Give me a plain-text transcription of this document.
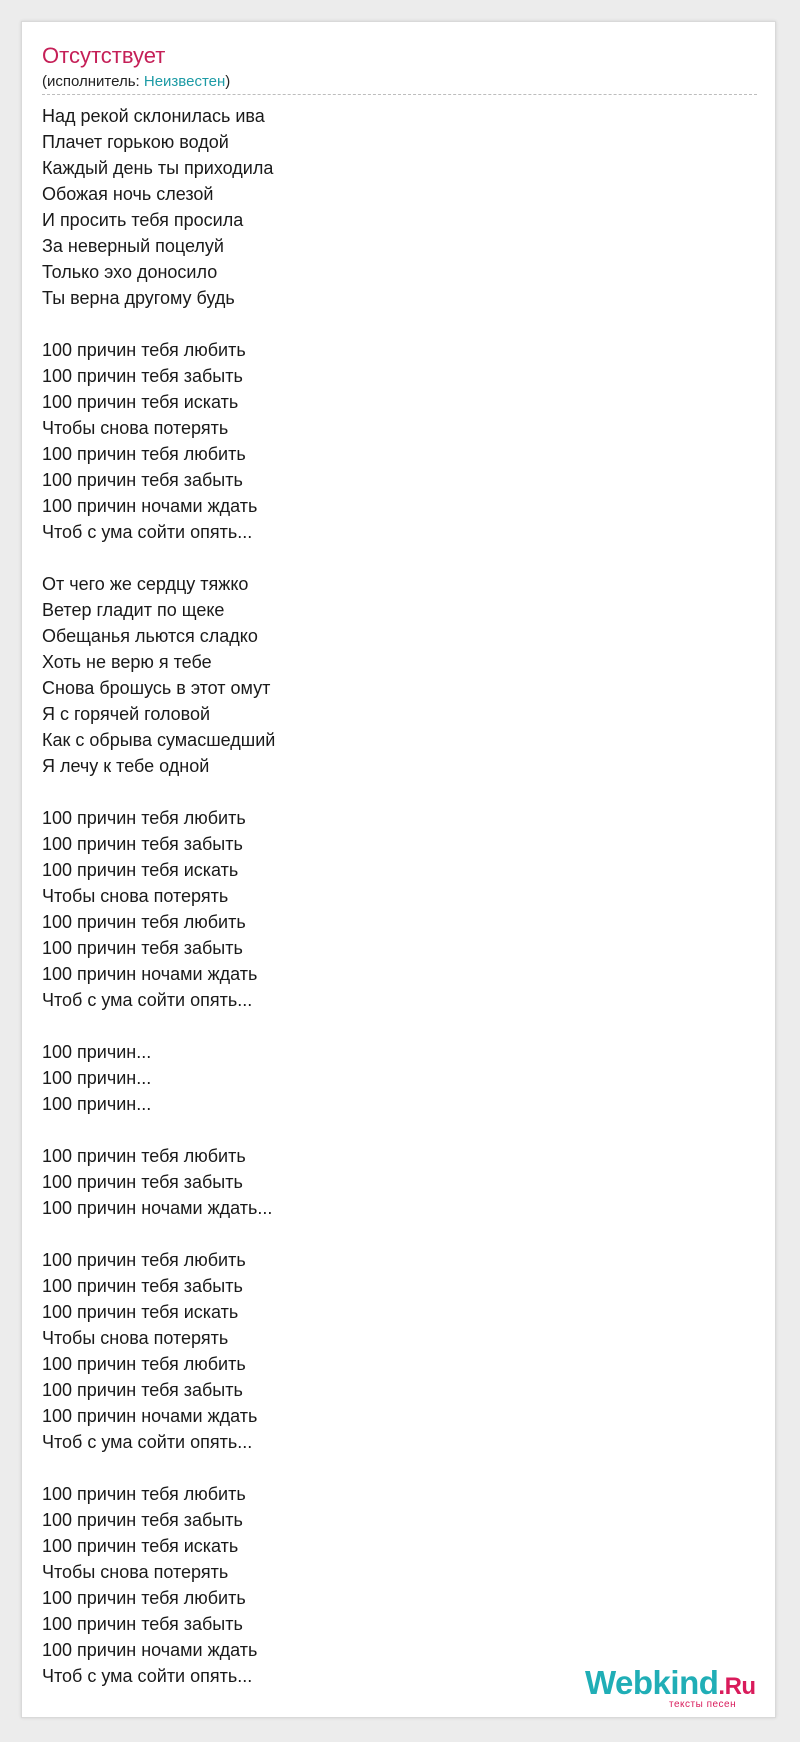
Отсутствует
(исполнитель: Неизвестен)
Над рекой склонилась ива
Плачет горькою водой
Каждый день ты приходила
Обожая ночь слезой
И просить тебя просила
За неверный поцелуй
Только эхо доносило
Ты верна другому будь
100 причин тебя любить
100 причин тебя забыть
100 причин тебя искать
Чтобы снова потерять
100 причин тебя любить
100 причин тебя забыть
100 причин ночами ждать
Чтоб с ума сойти опять...
От чего же сердцу тяжко
Ветер гладит по щеке
Обещанья льются сладко
Хоть не верю я тебе
Снова брошусь в этот омут
Я с горячей головой
Как с обрыва сумасшедший
Я лечу к тебе одной
100 причин тебя любить
100 причин тебя забыть
100 причин тебя искать
Чтобы снова потерять
100 причин тебя любить
100 причин тебя забыть
100 причин ночами ждать
Чтоб с ума сойти опять...
100 причин...
100 причин...
100 причин...
100 причин тебя любить
100 причин тебя забыть
100 причин ночами ждать...
100 причин тебя любить
100 причин тебя забыть
100 причин тебя искать
Чтобы снова потерять
100 причин тебя любить
100 причин тебя забыть
100 причин ночами ждать
Чтоб с ума сойти опять...
100 причин тебя любить
100 причин тебя забыть
100 причин тебя искать
Чтобы снова потерять
100 причин тебя любить
100 причин тебя забыть
100 причин ночами ждать
Чтоб с ума сойти опять...	Webkind.Ru
тексты песен
